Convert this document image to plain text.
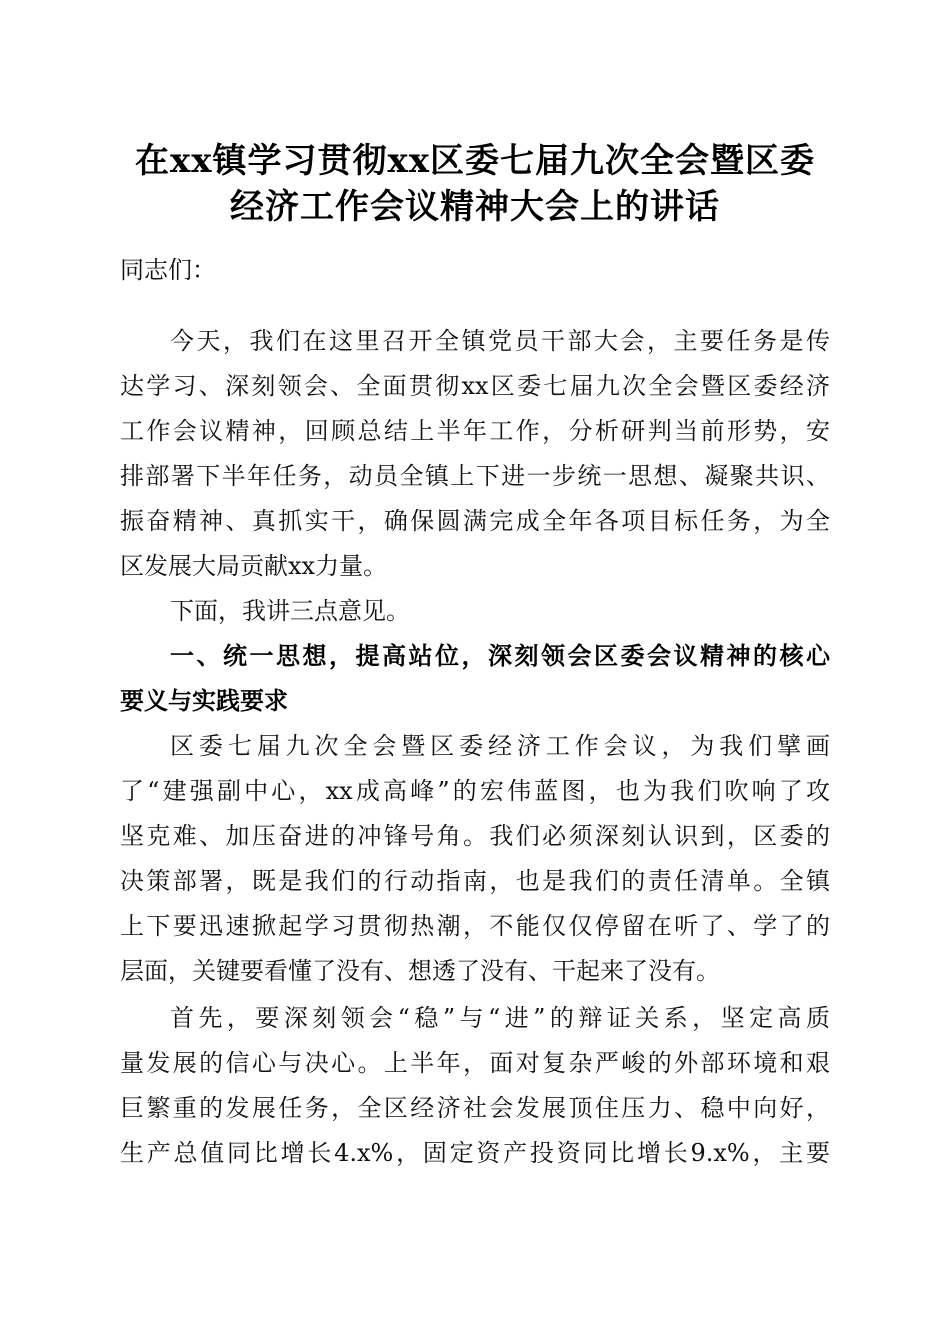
在xx镇学习贯彻xx区委七届九次全会暨区委
经济工作会议精神大会上的讲话
同志们：
今天，我们在这里召开全镇党员干部大会，主要任务是传
达学习、深刻领会、全面贯彻xx区委七届九次全会暨区委经济
工作会议精神，回顾总结上半年工作，分析研判当前形势，安
排部署下半年任务，动员全镇上下进一步统一思想、凝聚共识、
振奋精神、真抓实干，确保圆满完成全年各项目标任务，为全
区发展大局贡献xx力量。
下面，我讲三点意见。
一、统一思想，提高站位，深刻领会区委会议精神的核心
要义与实践要求
区委七届九次全会暨区委经济工作会议，为我们擘画
了“建强副中心，xx成高峰”的宏伟蓝图，也为我们吹响了攻
坚克难、加压奋进的冲锋号角。我们必须深刻认识到，区委的
决策部署，既是我们的行动指南，也是我们的责任清单。全镇
上下要迅速掀起学习贯彻热潮，不能仅仅停留在听了、学了的
层面，关键要看懂了没有、想透了没有、干起来了没有。
首先，要深刻领会“稳”与“进”的辩证关系，坚定高质
量发展的信心与决心。上半年，面对复杂严峻的外部环境和艰
巨繁重的发展任务，全区经济社会发展顶住压力、稳中向好，
生产总值同比增长4.x%，固定资产投资同比增长9.x%，主要
